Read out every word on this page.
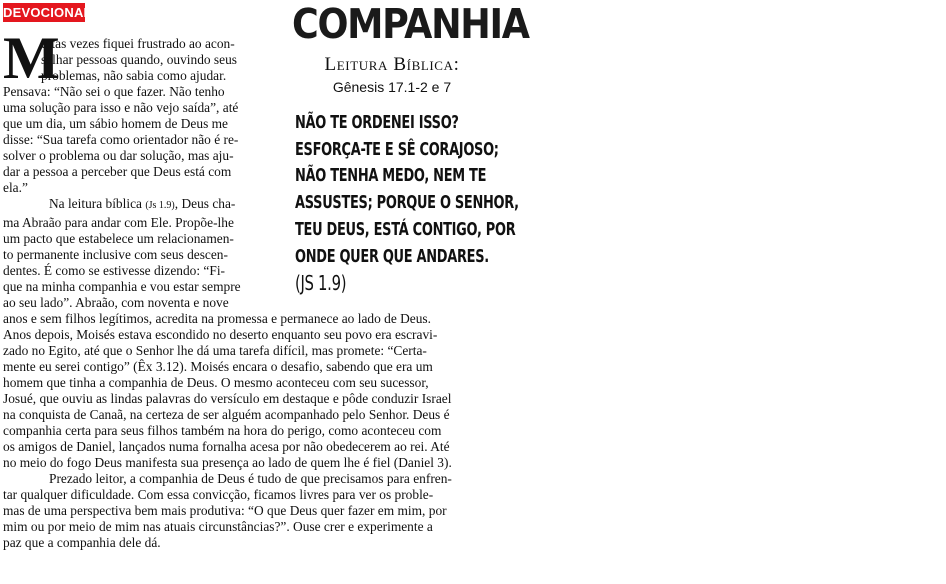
DEVOCIONAL	COMPANHIA
Leitura Bíblica:
Gênesis 17.1-2 e 7
NÃO TE ORDENEI ISSO?
ESFORÇA-TE E SÊ CORAJOSO;
NÃO TENHA MEDO, NEM TE
ASSUSTES; PORQUE O SENHOR,
TEU DEUS, ESTÁ CONTIGO, POR
ONDE QUER QUE ANDARES.
(JS 1.9)
M
uitas vezes fiquei frustrado ao acon-
selhar pessoas quando, ouvindo seus
problemas, não sabia como ajudar.
Pensava: “Não sei o que fazer. Não tenho
uma solução para isso e não vejo saída”, até
que um dia, um sábio homem de Deus me
disse: “Sua tarefa como orientador não é re-
solver o problema ou dar solução, mas aju-
dar a pessoa a perceber que Deus está com
ela.”
Na leitura bíblica (Js 1.9), Deus cha-
ma Abraão para andar com Ele. Propõe-lhe
um pacto que estabelece um relacionamen-
to permanente inclusive com seus descen-
dentes. É como se estivesse dizendo: “Fi-
que na minha companhia e vou estar sempre
ao seu lado”. Abraão, com noventa e nove
anos e sem filhos legítimos, acredita na promessa e permanece ao lado de Deus.
Anos depois, Moisés estava escondido no deserto enquanto seu povo era escravi-
zado no Egito, até que o Senhor lhe dá uma tarefa difícil, mas promete: “Certa-
mente eu serei contigo” (Êx 3.12). Moisés encara o desafio, sabendo que era um
homem que tinha a companhia de Deus. O mesmo aconteceu com seu sucessor,
Josué, que ouviu as lindas palavras do versículo em destaque e pôde conduzir Israel
na conquista de Canaã, na certeza de ser alguém acompanhado pelo Senhor. Deus é
companhia certa para seus filhos também na hora do perigo, como aconteceu com
os amigos de Daniel, lançados numa fornalha acesa por não obedecerem ao rei. Até
no meio do fogo Deus manifesta sua presença ao lado de quem lhe é fiel (Daniel 3).
Prezado leitor, a companhia de Deus é tudo de que precisamos para enfren-
tar qualquer dificuldade. Com essa convicção, ficamos livres para ver os proble-
mas de uma perspectiva bem mais produtiva: “O que Deus quer fazer em mim, por
mim ou por meio de mim nas atuais circunstâncias?”. Ouse crer e experimente a
paz que a companhia dele dá.
